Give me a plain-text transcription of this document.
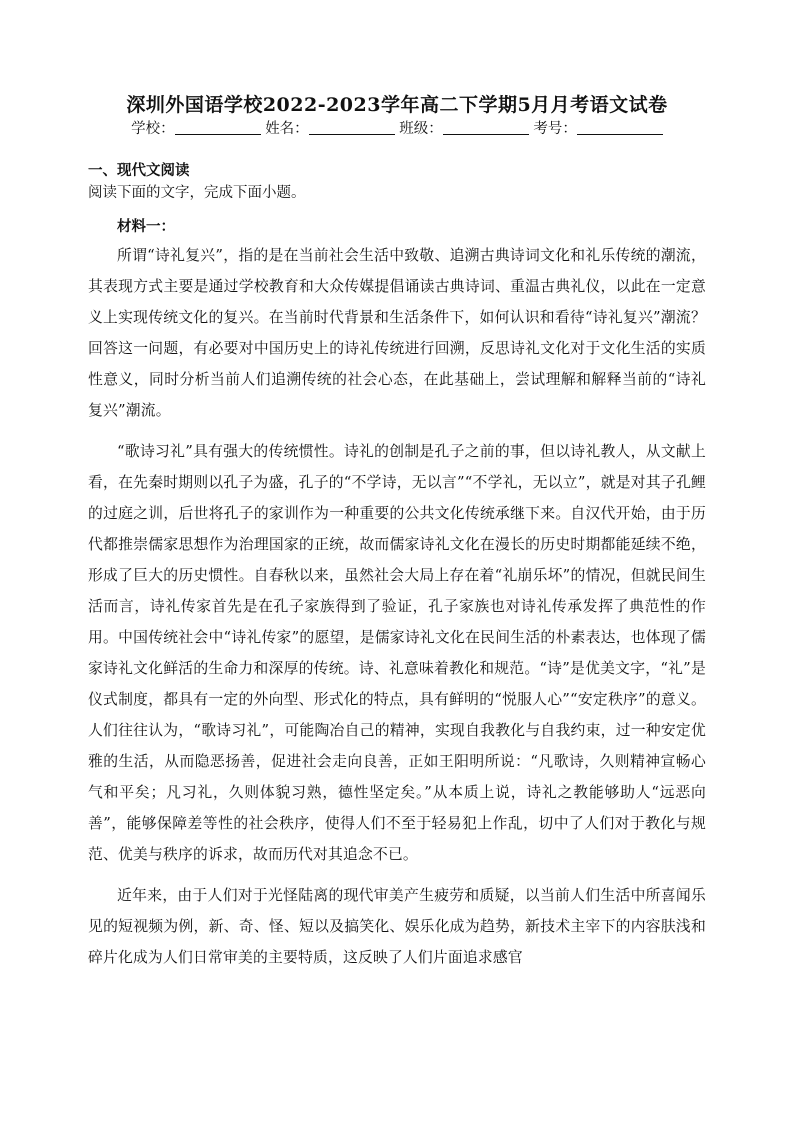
深圳外国语学校2022-2023学年高二下学期5月月考语文试卷
学校：	姓名：	班级：	考号：
一、现代文阅读
阅读下面的文字，完成下面小题。
材料一：

所谓“诗礼复兴”，指的是在当前社会生活中致敬、追溯古典诗词文化和礼乐传统的潮流，其表现方式主要是通过学校教育和大众传媒提倡诵读古典诗词、重温古典礼仪，以此在一定意义上实现传统文化的复兴。在当前时代背景和生活条件下，如何认识和看待“诗礼复兴”潮流？回答这一问题，有必要对中国历史上的诗礼传统进行回溯，反思诗礼文化对于文化生活的实质性意义，同时分析当前人们追溯传统的社会心态，在此基础上，尝试理解和解释当前的“诗礼复兴”潮流。

“歌诗习礼”具有强大的传统惯性。诗礼的创制是孔子之前的事，但以诗礼教人，从文献上看，在先秦时期则以孔子为盛，孔子的“不学诗，无以言”“不学礼，无以立”，就是对其子孔鲤的过庭之训，后世将孔子的家训作为一种重要的公共文化传统承继下来。自汉代开始，由于历代都推崇儒家思想作为治理国家的正统，故而儒家诗礼文化在漫长的历史时期都能延续不绝，形成了巨大的历史惯性。自春秋以来，虽然社会大局上存在着“礼崩乐坏”的情况，但就民间生活而言，诗礼传家首先是在孔子家族得到了验证，孔子家族也对诗礼传承发挥了典范性的作用。中国传统社会中“诗礼传家”的愿望，是儒家诗礼文化在民间生活的朴素表达，也体现了儒家诗礼文化鲜活的生命力和深厚的传统。诗、礼意味着教化和规范。“诗”是优美文字，“礼”是仪式制度，都具有一定的外向型、形式化的特点，具有鲜明的“悦服人心”“安定秩序”的意义。人们往往认为，“歌诗习礼”，可能陶冶自己的精神，实现自我教化与自我约束，过一种安定优雅的生活，从而隐恶扬善，促进社会走向良善，正如王阳明所说：“凡歌诗，久则精神宣畅心气和平矣；凡习礼，久则体貌习熟，德性坚定矣。”从本质上说，诗礼之教能够助人“远恶向善”，能够保障差等性的社会秩序，使得人们不至于轻易犯上作乱，切中了人们对于教化与规范、优美与秩序的诉求，故而历代对其追念不已。

近年来，由于人们对于光怪陆离的现代审美产生疲劳和质疑，以当前人们生活中所喜闻乐见的短视频为例，新、奇、怪、短以及搞笑化、娱乐化成为趋势，新技术主宰下的内容肤浅和碎片化成为人们日常审美的主要特质，这反映了人们片面追求感官
